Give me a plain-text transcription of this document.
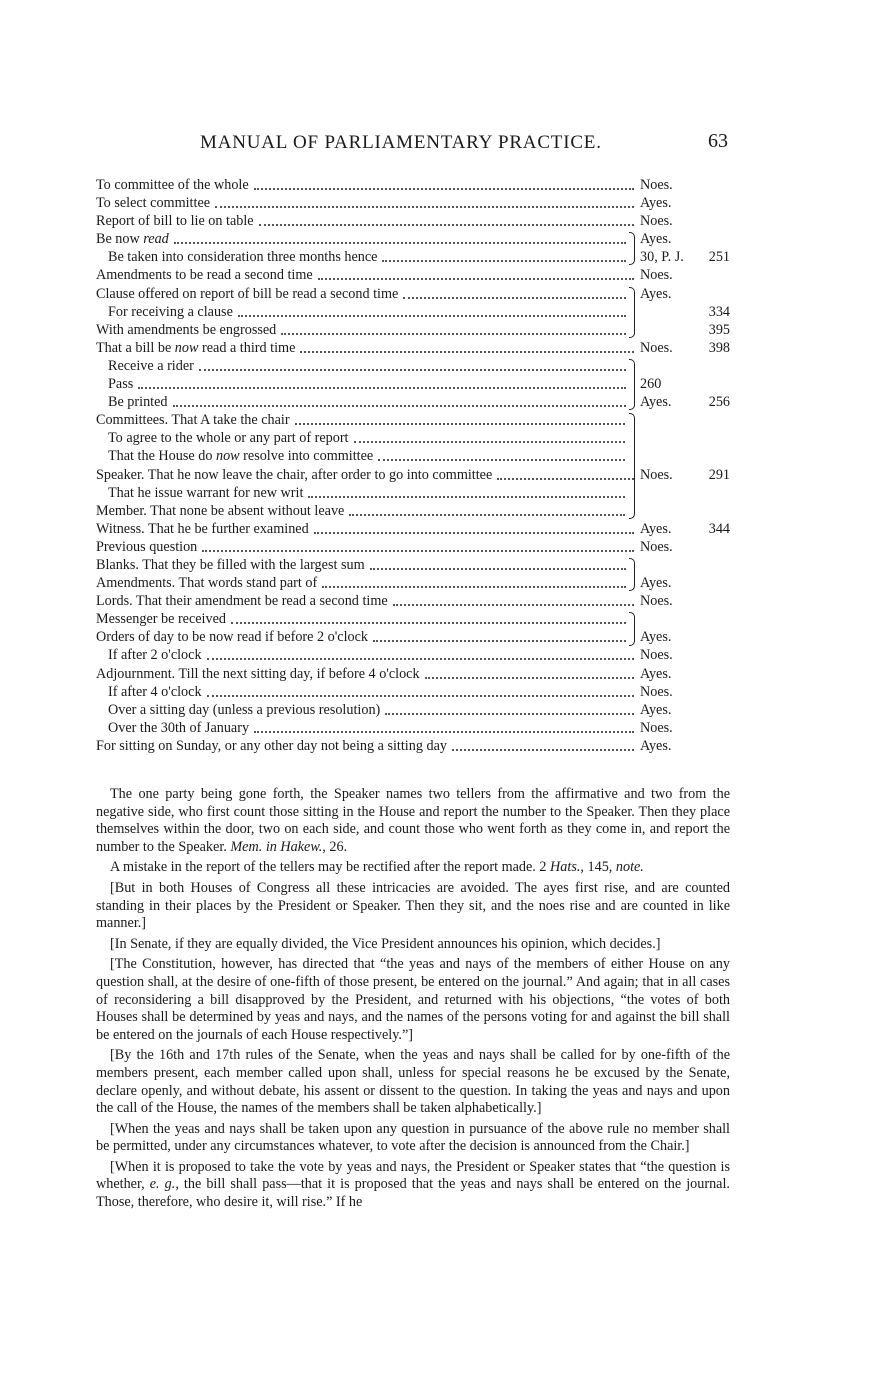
MANUAL OF PARLIAMENTARY PRACTICE.	63
To committee of the whole	Noes.
To select committee	Ayes.
Report of bill to lie on table	Noes.
Be now read	Ayes.
Be taken into consideration three months hence	30, P. J.	251
Amendments to be read a second time	Noes.
Clause offered on report of bill be read a second time	Ayes.
For receiving a clause	334
With amendments be engrossed	395
That a bill be now read a third time	Noes.	398
Receive a rider
Pass	260
Be printed	Ayes.	256
Committees. That A take the chair
To agree to the whole or any part of report
That the House do now resolve into committee
Speaker. That he now leave the chair, after order to go into committee	Noes.	291
That he issue warrant for new writ
Member. That none be absent without leave
Witness. That he be further examined	Ayes.	344
Previous question	Noes.
Blanks. That they be filled with the largest sum
Amendments. That words stand part of	Ayes.
Lords. That their amendment be read a second time	Noes.
Messenger be received
Orders of day to be now read if before 2 o'clock	Ayes.
If after 2 o'clock	Noes.
Adjournment. Till the next sitting day, if before 4 o'clock	Ayes.
If after 4 o'clock	Noes.
Over a sitting day (unless a previous resolution)	Ayes.
Over the 30th of January	Noes.
For sitting on Sunday, or any other day not being a sitting day	Ayes.

The one party being gone forth, the Speaker names two tellers from the affirmative and two from the negative side, who first count those sitting in the House and report the number to the Speaker. Then they place themselves within the door, two on each side, and count those who went forth as they come in, and report the number to the Speaker. Mem. in Hakew., 26.

A mistake in the report of the tellers may be rectified after the report made. 2 Hats., 145, note.

[But in both Houses of Congress all these intricacies are avoided. The ayes first rise, and are counted standing in their places by the President or Speaker. Then they sit, and the noes rise and are counted in like manner.]

[In Senate, if they are equally divided, the Vice President announces his opinion, which decides.]

[The Constitution, however, has directed that “the yeas and nays of the members of either House on any question shall, at the desire of one-fifth of those present, be entered on the journal.” And again; that in all cases of reconsidering a bill disapproved by the President, and returned with his objections, “the votes of both Houses shall be determined by yeas and nays, and the names of the persons voting for and against the bill shall be entered on the journals of each House respectively.”]

[By the 16th and 17th rules of the Senate, when the yeas and nays shall be called for by one-fifth of the members present, each member called upon shall, unless for special reasons he be excused by the Senate, declare openly, and without debate, his assent or dissent to the question. In taking the yeas and nays and upon the call of the House, the names of the members shall be taken alphabetically.]

[When the yeas and nays shall be taken upon any question in pursuance of the above rule no member shall be permitted, under any circumstances whatever, to vote after the decision is announced from the Chair.]

[When it is proposed to take the vote by yeas and nays, the President or Speaker states that “the question is whether, e. g., the bill shall pass—that it is proposed that the yeas and nays shall be entered on the journal. Those, therefore, who desire it, will rise.” If he
